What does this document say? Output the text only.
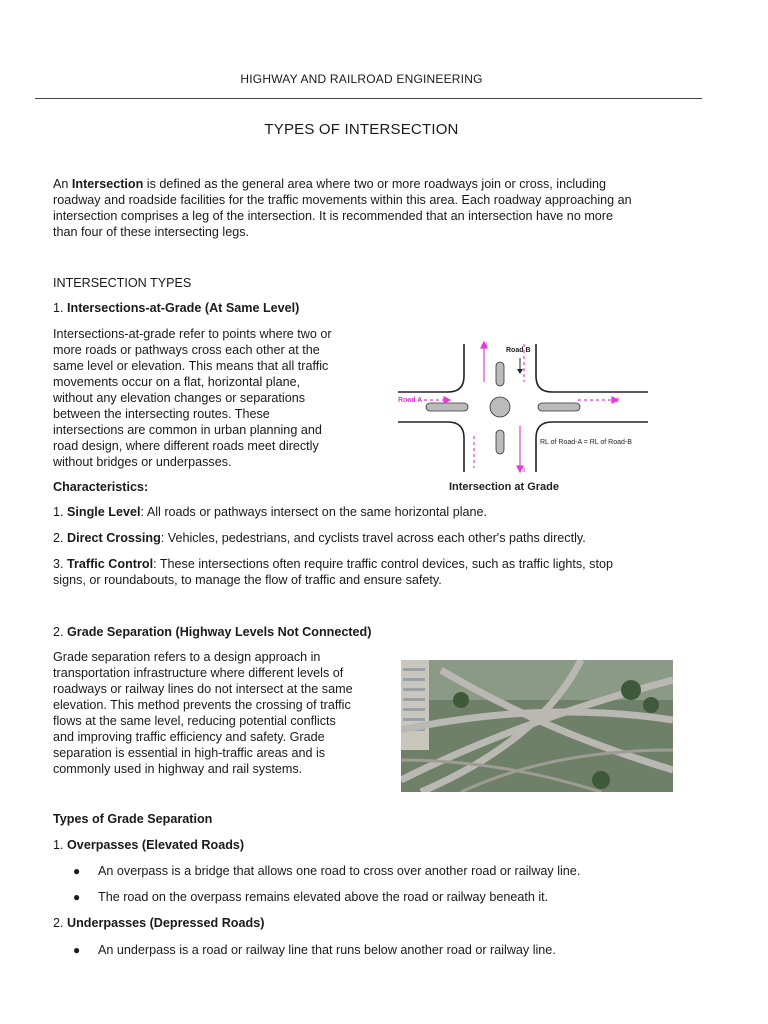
HIGHWAY AND RAILROAD ENGINEERING
TYPES OF INTERSECTION
An Intersection is defined as the general area where two or more roadways join or cross, including
roadway and roadside facilities for the traffic movements within this area. Each roadway approaching an
intersection comprises a leg of the intersection. It is recommended that an intersection have no more
than four of these intersecting legs.
INTERSECTION TYPES
1. Intersections-at-Grade (At Same Level)
Intersections-at-grade refer to points where two or
more roads or pathways cross each other at the
same level or elevation. This means that all traffic
movements occur on a flat, horizontal plane,
without any elevation changes or separations
between the intersecting routes. These
intersections are common in urban planning and
road design, where different roads meet directly
without bridges or underpasses.
Road B
Road A
1
2
3
RL of Road-A = RL of Road-B
Intersection at Grade
Characteristics:
1. Single Level: All roads or pathways intersect on the same horizontal plane.
2. Direct Crossing: Vehicles, pedestrians, and cyclists travel across each other's paths directly.
3. Traffic Control: These intersections often require traffic control devices, such as traffic lights, stop
signs, or roundabouts, to manage the flow of traffic and ensure safety.
2. Grade Separation (Highway Levels Not Connected)
Grade separation refers to a design approach in
transportation infrastructure where different levels of
roadways or railway lines do not intersect at the same
elevation. This method prevents the crossing of traffic
flows at the same level, reducing potential conflicts
and improving traffic efficiency and safety. Grade
separation is essential in high-traffic areas and is
commonly used in highway and rail systems.
Types of Grade Separation
1. Overpasses (Elevated Roads)
● An overpass is a bridge that allows one road to cross over another road or railway line.
● The road on the overpass remains elevated above the road or railway beneath it.
2. Underpasses (Depressed Roads)
● An underpass is a road or railway line that runs below another road or railway line.
